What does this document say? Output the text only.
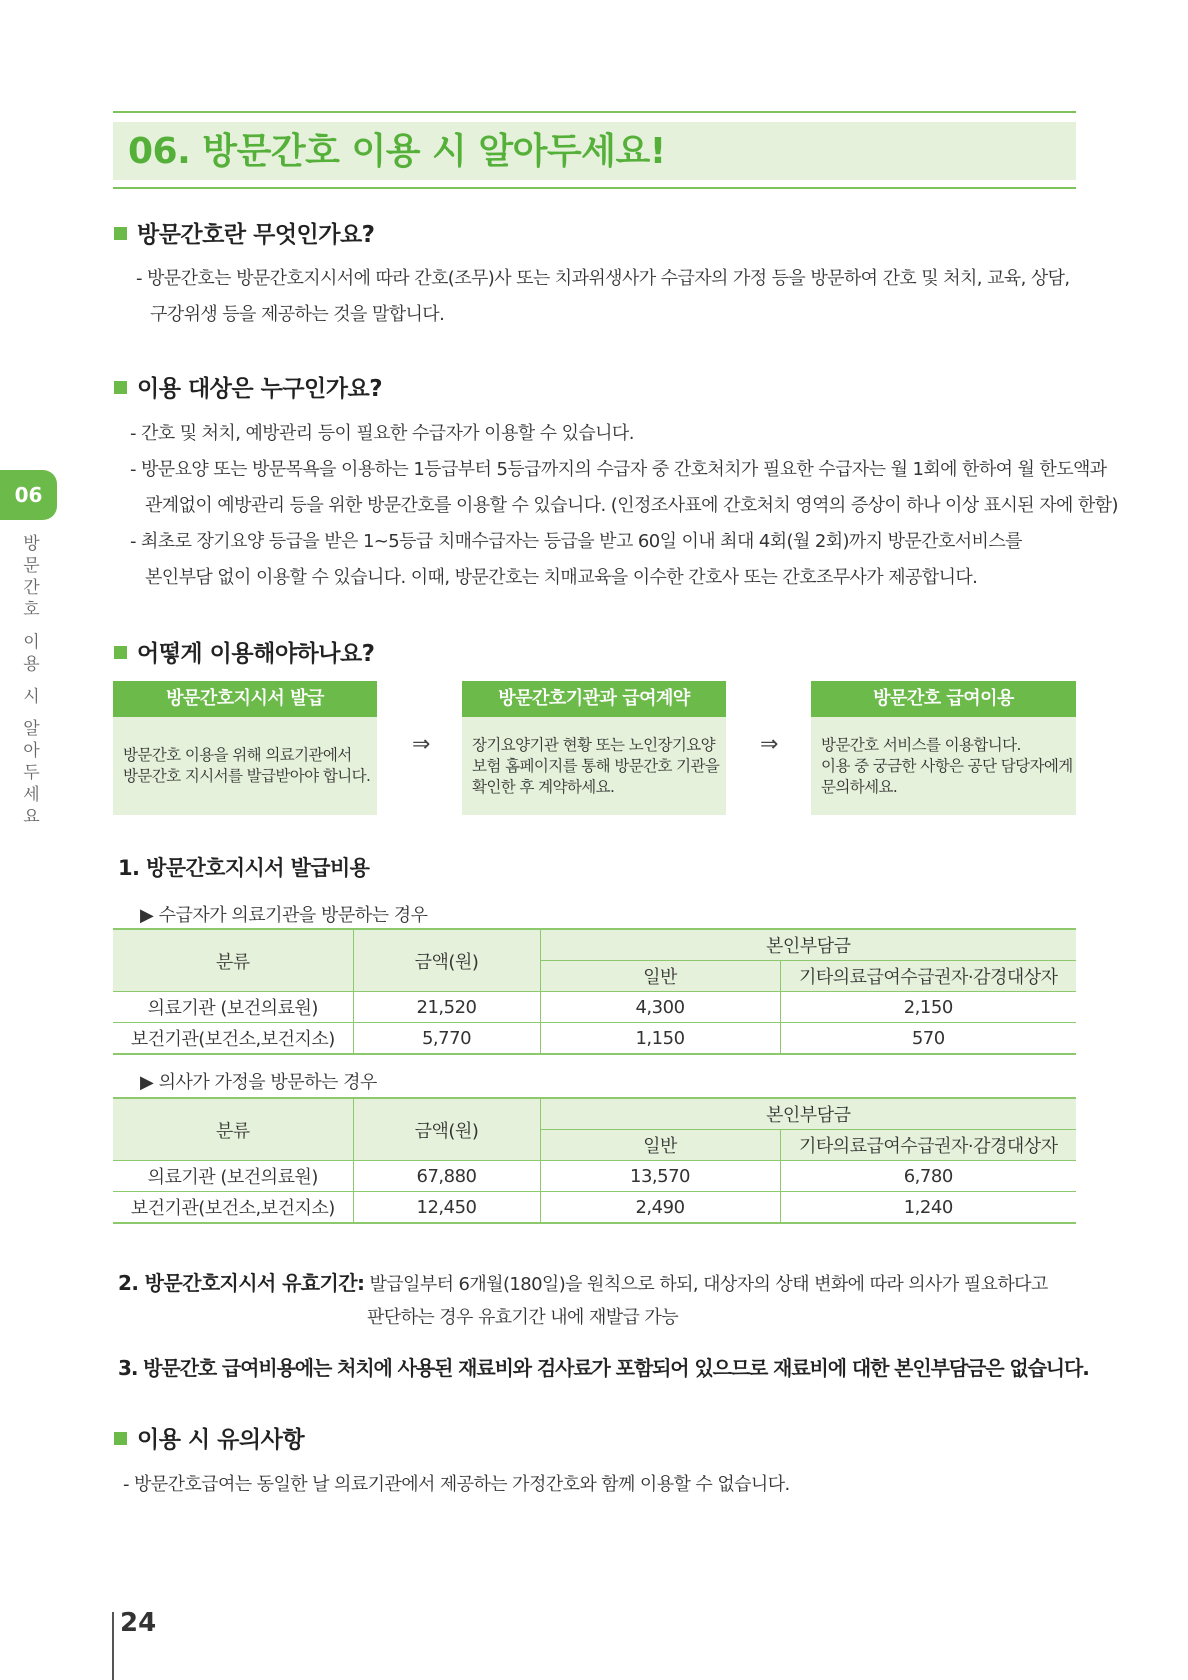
06. 방문간호 이용 시 알아두세요!
06
방문간호 이용 시 알아두세요
방문간호란 무엇인가요?
- 방문간호는 방문간호지시서에 따라 간호(조무)사 또는 치과위생사가 수급자의 가정 등을 방문하여 간호 및 처치, 교육, 상담,
구강위생 등을 제공하는 것을 말합니다.
이용 대상은 누구인가요?
- 간호 및 처치, 예방관리 등이 필요한 수급자가 이용할 수 있습니다.
- 방문요양 또는 방문목욕을 이용하는 1등급부터 5등급까지의 수급자 중 간호처치가 필요한 수급자는 월 1회에 한하여 월 한도액과
관계없이 예방관리 등을 위한 방문간호를 이용할 수 있습니다. (인정조사표에 간호처치 영역의 증상이 하나 이상 표시된 자에 한함)
- 최초로 장기요양 등급을 받은 1~5등급 치매수급자는 등급을 받고 60일 이내 최대 4회(월 2회)까지 방문간호서비스를
본인부담 없이 이용할 수 있습니다. 이때, 방문간호는 치매교육을 이수한 간호사 또는 간호조무사가 제공합니다.
어떻게 이용해야하나요?
방문간호지시서 발급
방문간호 이용을 위해 의료기관에서
방문간호 지시서를 발급받아야 합니다.
⇒
방문간호기관과 급여계약
장기요양기관 현황 또는 노인장기요양
보험 홈페이지를 통해 방문간호 기관을
확인한 후 계약하세요.
⇒
방문간호 급여이용
방문간호 서비스를 이용합니다.
이용 중 궁금한 사항은 공단 담당자에게
문의하세요.
1. 방문간호지시서 발급비용
▶ 수급자가 의료기관을 방문하는 경우
분류	금액(원)	본인부담금	
		일반	기타의료급여수급권자·감경대상자
의료기관 (보건의료원)	21,520	4,300	2,150
보건기관(보건소,보건지소)	5,770	1,150	570
▶ 의사가 가정을 방문하는 경우
분류	금액(원)	본인부담금	
		일반	기타의료급여수급권자·감경대상자
의료기관 (보건의료원)	67,880	13,570	6,780
보건기관(보건소,보건지소)	12,450	2,490	1,240
2. 방문간호지시서 유효기간: 발급일부터 6개월(180일)을 원칙으로 하되, 대상자의 상태 변화에 따라 의사가 필요하다고
판단하는 경우 유효기간 내에 재발급 가능
3. 방문간호 급여비용에는 처치에 사용된 재료비와 검사료가 포함되어 있으므로 재료비에 대한 본인부담금은 없습니다.
이용 시 유의사항
- 방문간호급여는 동일한 날 의료기관에서 제공하는 가정간호와 함께 이용할 수 없습니다.
24
